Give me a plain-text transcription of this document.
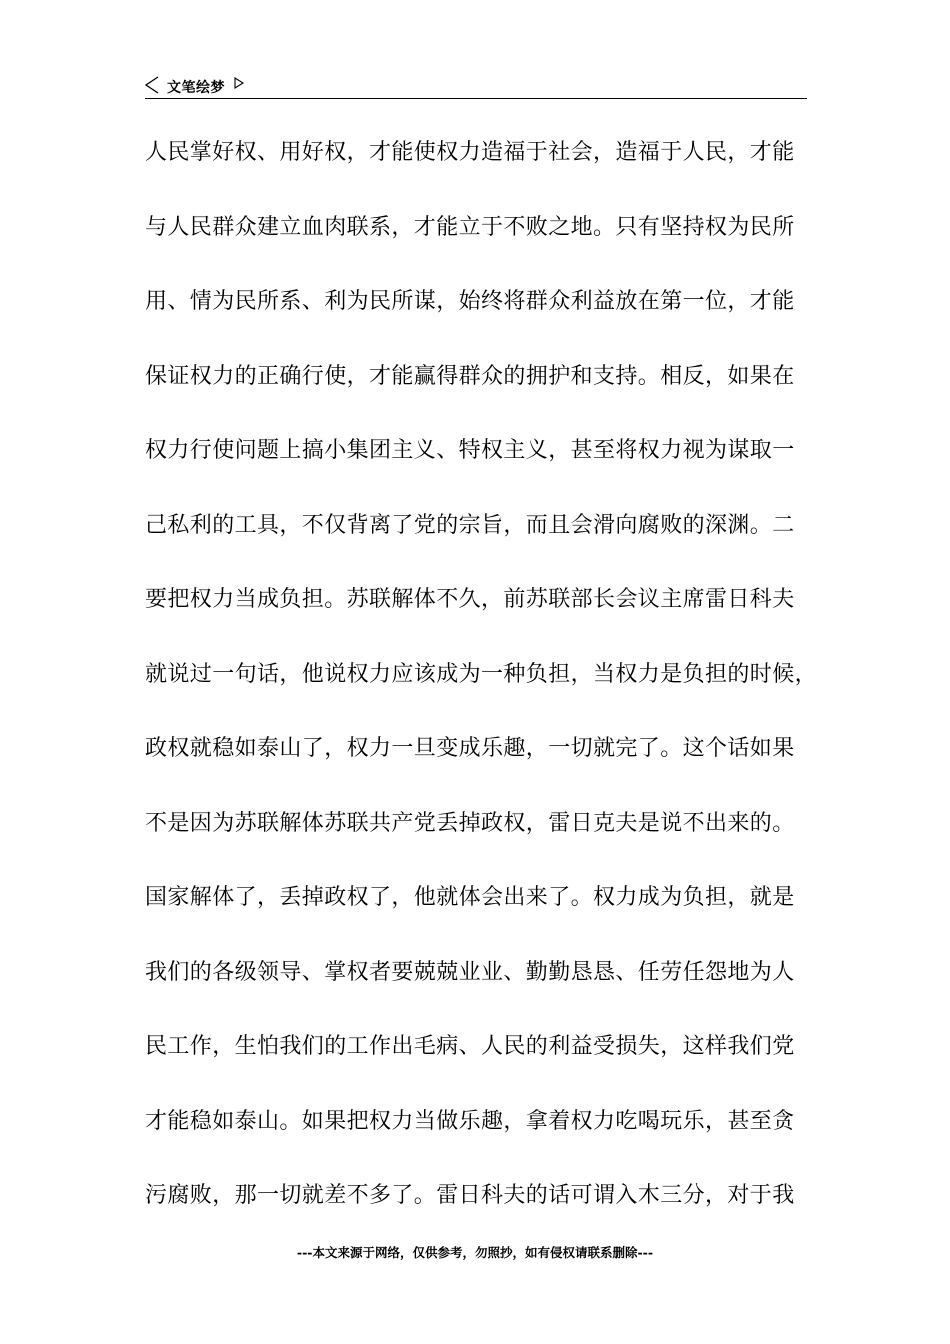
文笔绘梦
人民掌好权、用好权，才能使权力造福于社会，造福于人民，才能
与人民群众建立血肉联系，才能立于不败之地。只有坚持权为民所
用、情为民所系、利为民所谋，始终将群众利益放在第一位，才能
保证权力的正确行使，才能赢得群众的拥护和支持。相反，如果在
权力行使问题上搞小集团主义、特权主义，甚至将权力视为谋取一
己私利的工具，不仅背离了党的宗旨，而且会滑向腐败的深渊。二
要把权力当成负担。苏联解体不久，前苏联部长会议主席雷日科夫
就说过一句话，他说权力应该成为一种负担，当权力是负担的时候，
政权就稳如泰山了，权力一旦变成乐趣，一切就完了。这个话如果
不是因为苏联解体苏联共产党丢掉政权，雷日克夫是说不出来的。
国家解体了，丢掉政权了，他就体会出来了。权力成为负担，就是
我们的各级领导、掌权者要兢兢业业、勤勤恳恳、任劳任怨地为人
民工作，生怕我们的工作出毛病、人民的利益受损失，这样我们党
才能稳如泰山。如果把权力当做乐趣，拿着权力吃喝玩乐，甚至贪
污腐败，那一切就差不多了。雷日科夫的话可谓入木三分，对于我
---本文来源于网络，仅供参考，勿照抄，如有侵权请联系删除---
